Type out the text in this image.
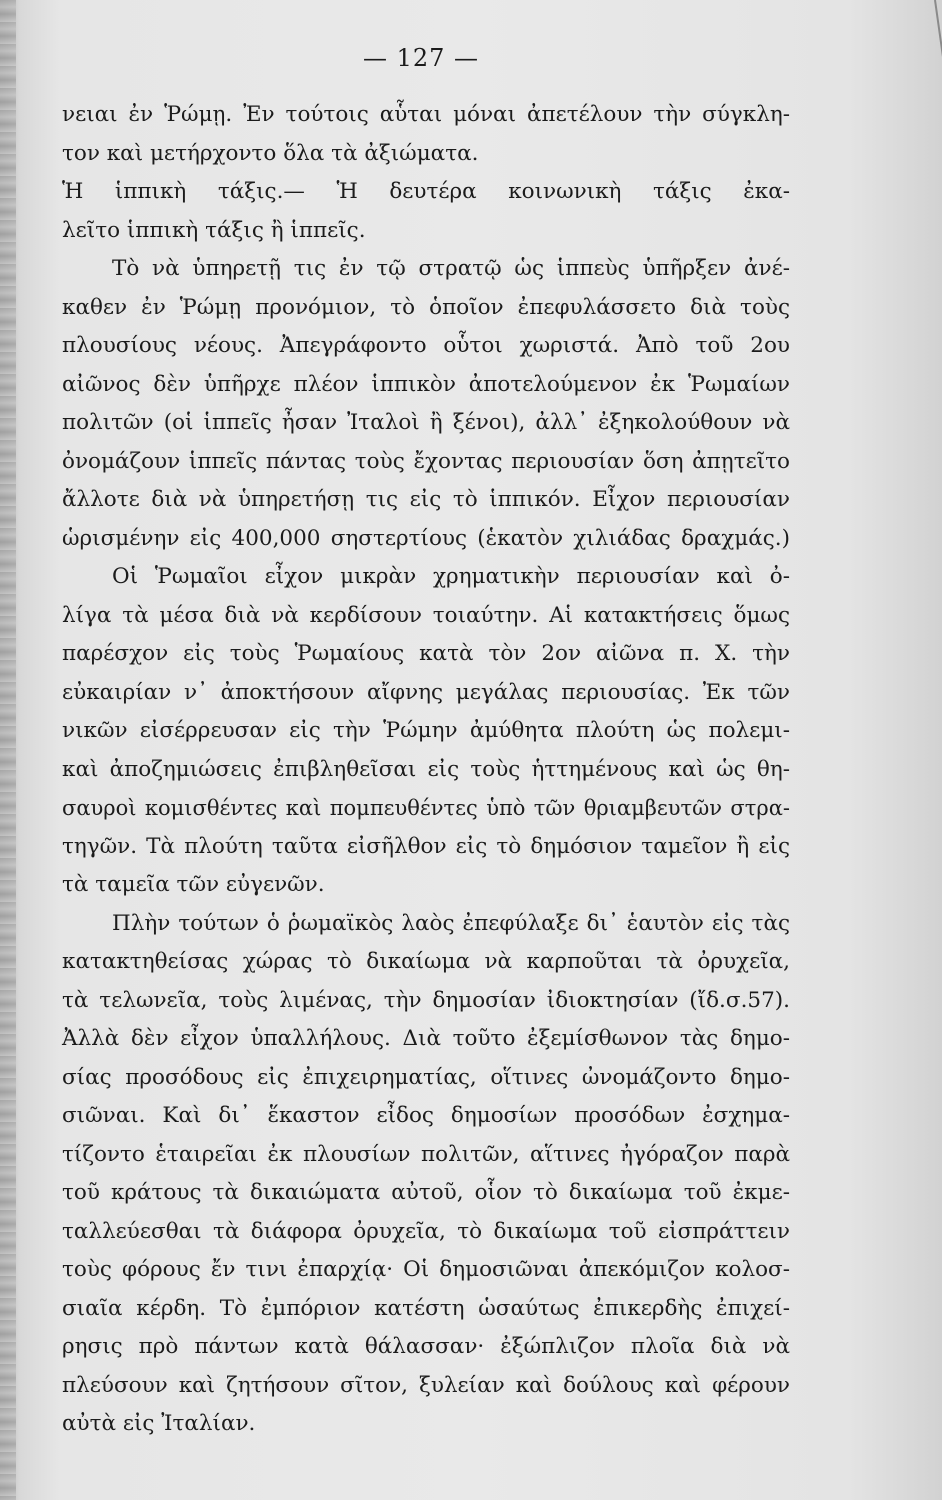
— 127 —
νειαι ἐν Ῥώμῃ. Ἐν τούτοις αὗται μόναι ἀπετέλουν τὴν σύγκλη-
τον καὶ μετήρχοντο ὅλα τὰ ἀξιώματα.
Ἡ ἱππικὴ τάξις.— Ἡ δευτέρα κοινωνικὴ τάξις ἐκα-
λεῖτο ἱππικὴ τάξις ἢ ἱππεῖς.
Τὸ νὰ ὑπηρετῇ τις ἐν τῷ στρατῷ ὡς ἱππεὺς ὑπῆρξεν ἀνέ-
καθεν ἐν Ῥώμῃ προνόμιον, τὸ ὁποῖον ἐπεφυλάσσετο διὰ τοὺς
πλουσίους νέους. Ἀπεγράφοντο οὗτοι χωριστά. Ἀπὸ τοῦ 2ου
αἰῶνος δὲν ὑπῆρχε πλέον ἱππικὸν ἀποτελούμενον ἐκ Ῥωμαίων
πολιτῶν (οἱ ἱππεῖς ἦσαν Ἰταλοὶ ἢ ξένοι), ἀλλ᾽ ἐξηκολούθουν νὰ
ὀνομάζουν ἱππεῖς πάντας τοὺς ἔχοντας περιουσίαν ὅση ἀπῃτεῖτο
ἄλλοτε διὰ νὰ ὑπηρετήσῃ τις εἰς τὸ ἱππικόν. Εἶχον περιουσίαν
ὡρισμένην εἰς 400,000 σηστερτίους (ἑκατὸν χιλιάδας δραχμάς.)
Οἱ Ῥωμαῖοι εἶχον μικρὰν χρηματικὴν περιουσίαν καὶ ὀ-
λίγα τὰ μέσα διὰ νὰ κερδίσουν τοιαύτην. Αἱ κατακτήσεις ὅμως
παρέσχον εἰς τοὺς Ῥωμαίους κατὰ τὸν 2ον αἰῶνα π. Χ. τὴν
εὐκαιρίαν ν᾽ ἀποκτήσουν αἴφνης μεγάλας περιουσίας. Ἐκ τῶν
νικῶν εἰσέρρευσαν εἰς τὴν Ῥώμην ἀμύθητα πλούτη ὡς πολεμι-
καὶ ἀποζημιώσεις ἐπιβληθεῖσαι εἰς τοὺς ἡττημένους καὶ ὡς θη-
σαυροὶ κομισθέντες καὶ πομπευθέντες ὑπὸ τῶν θριαμβευτῶν στρα-
τηγῶν. Τὰ πλούτη ταῦτα εἰσῆλθον εἰς τὸ δημόσιον ταμεῖον ἢ εἰς
τὰ ταμεῖα τῶν εὐγενῶν.
Πλὴν τούτων ὁ ῥωμαϊκὸς λαὸς ἐπεφύλαξε δι᾽ ἑαυτὸν εἰς τὰς
κατακτηθείσας χώρας τὸ δικαίωμα νὰ καρποῦται τὰ ὀρυχεῖα,
τὰ τελωνεῖα, τοὺς λιμένας, τὴν δημοσίαν ἰδιοκτησίαν (ἴδ.σ.57).
Ἀλλὰ δὲν εἶχον ὑπαλλήλους. Διὰ τοῦτο ἐξεμίσθωνον τὰς δημο-
σίας προσόδους εἰς ἐπιχειρηματίας, οἵτινες ὠνομάζοντο δημο-
σιῶναι. Καὶ δι᾽ ἕκαστον εἶδος δημοσίων προσόδων ἐσχημα-
τίζοντο ἑταιρεῖαι ἐκ πλουσίων πολιτῶν, αἵτινες ἠγόραζον παρὰ
τοῦ κράτους τὰ δικαιώματα αὐτοῦ, οἷον τὸ δικαίωμα τοῦ ἐκμε-
ταλλεύεσθαι τὰ διάφορα ὀρυχεῖα, τὸ δικαίωμα τοῦ εἰσπράττειν
τοὺς φόρους ἔν τινι ἐπαρχίᾳ· Οἱ δημοσιῶναι ἀπεκόμιζον κολοσ-
σιαῖα κέρδη. Τὸ ἐμπόριον κατέστη ὡσαύτως ἐπικερδὴς ἐπιχεί-
ρησις πρὸ πάντων κατὰ θάλασσαν· ἐξώπλιζον πλοῖα διὰ νὰ
πλεύσουν καὶ ζητήσουν σῖτον, ξυλείαν καὶ δούλους καὶ φέρουν
αὐτὰ εἰς Ἰταλίαν.
